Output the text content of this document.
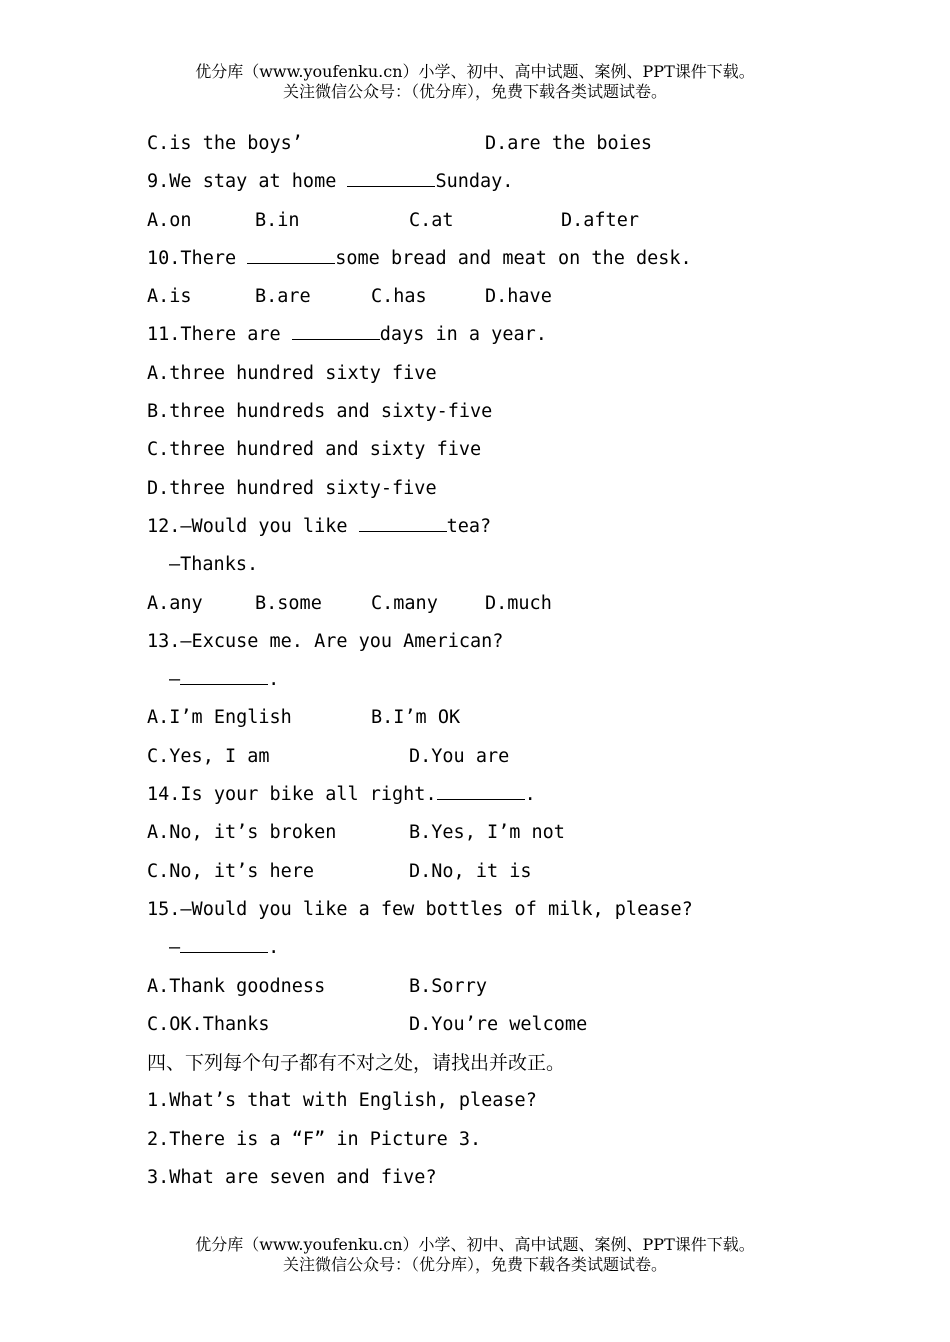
优分库（www.youfenku.cn）小学、初中、高中试题、案例、PPT课件下载。
关注微信公众号：（优分库），免费下载各类试题试卷。

C.is the boys’

	D.are the boies

9.We stay at home	Sunday.

A.on

	B.in

	C.at

	D.after

10.There	some bread and meat on the desk.

A.is

	B.are

	C.has

	D.have

11.There are	days in a year.
A.three hundred sixty five
B.three hundreds and sixty-five
C.three hundred and sixty five
D.three hundred sixty-five
12.—Would you like	tea?
—Thanks.

A.any

	B.some

	C.many

	D.much

13.—Excuse me. Are you American?
—	.

A.I’m English

	B.I’m OK

C.Yes, I am

	D.You are

14.Is your bike all right.	.

A.No, it’s broken

	B.Yes, I’m not

C.No, it’s here

	D.No, it is

15.—Would you like a few bottles of milk, please?
—	.

A.Thank goodness

	B.Sorry

C.OK.Thanks

	D.You’re welcome

四、下列每个句子都有不对之处，请找出并改正。
1.What’s that with English, please?
2.There is a “F” in Picture 3.
3.What are seven and five?
优分库（www.youfenku.cn）小学、初中、高中试题、案例、PPT课件下载。
关注微信公众号：（优分库），免费下载各类试题试卷。
